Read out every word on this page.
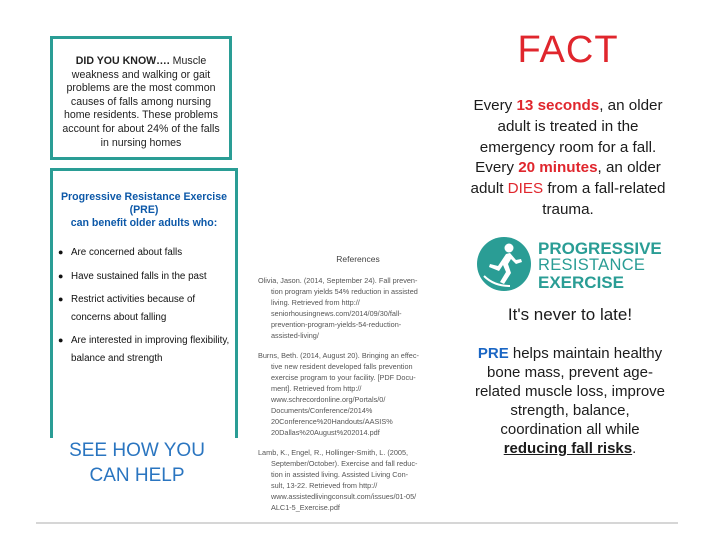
DID YOU KNOW…. Muscle weakness and walking or gait problems are the most common causes of falls among nursing home residents. These problems account for about 24% of the falls in nursing homes
Progressive Resistance Exercise
(PRE)
can benefit older adults who:
● Are concerned about falls
● Have sustained falls in the past
● Restrict activities because of concerns about falling
● Are interested in improving flexibility, balance and strength
SEE HOW YOU CAN HELP
References
Olivia, Jason. (2014, September 24). Fall preven-
tion program yields 54% reduction in assisted
living. Retrieved from http://
seniorhousingnews.com/2014/09/30/fall-
prevention-program-yields-54-reduction-
assisted-living/
Burns, Beth. (2014, August 20). Bringing an effec-
tive new resident developed falls prevention
exercise program to your facility. [PDF Docu-
ment]. Retrieved from http://
www.schrecordonline.org/Portals/0/
Documents/Conference/2014%
20Conference%20Handouts/AASIS%
20Dallas%20August%202014.pdf
Lamb, K., Engel, R., Hollinger-Smith, L. (2005,
September/October). Exercise and fall reduc-
tion in assisted living. Assisted Living Con-
sult, 13-22. Retrieved from http://
www.assistedlivingconsult.com/issues/01-05/
ALC1-5_Exercise.pdf
FACT
Every 13 seconds, an older adult is treated in the emergency room for a fall. Every 20 minutes, an older adult DIES from a fall-related trauma.
PROGRESSIVE
RESISTANCE
EXERCISE
It's never to late!
PRE helps maintain healthy bone mass, prevent age-related muscle loss, improve strength, balance, coordination all while reducing fall risks.
